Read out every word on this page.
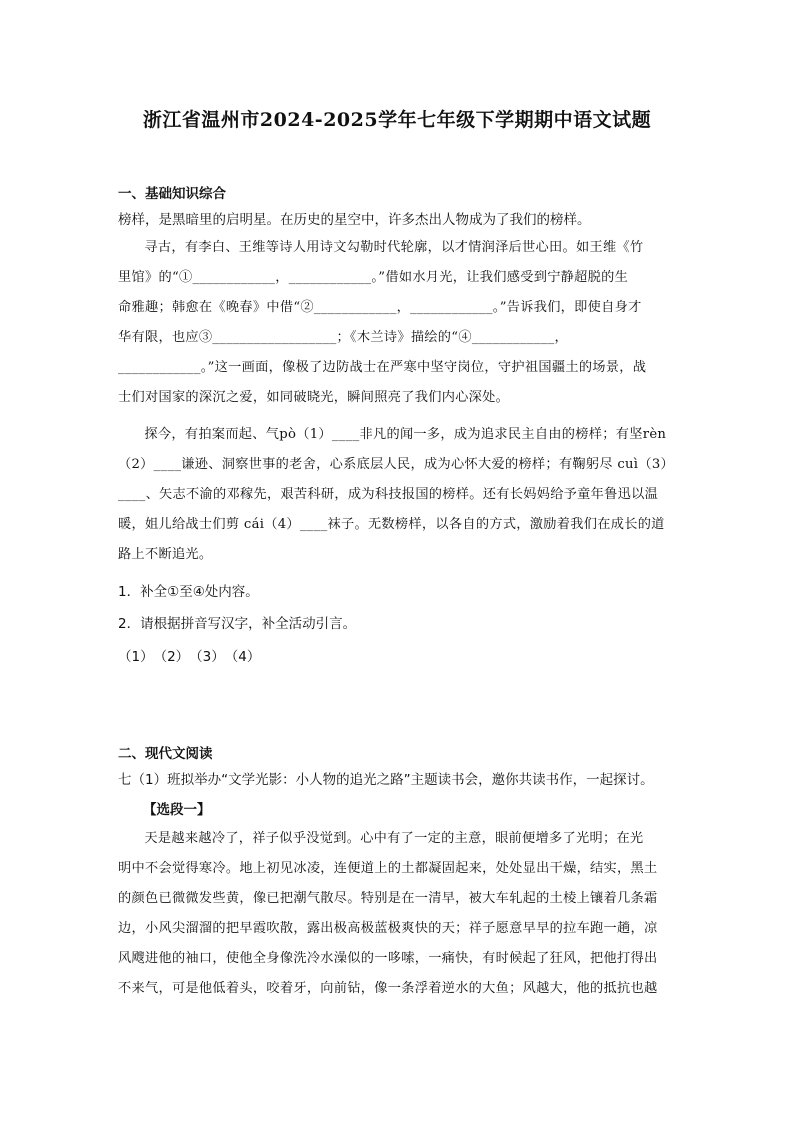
浙江省温州市2024-2025学年七年级下学期期中语文试题
一、基础知识综合
榜样，是黑暗里的启明星。在历史的星空中，许多杰出人物成为了我们的榜样。
寻古，有李白、王维等诗人用诗文勾勒时代轮廓，以才情润泽后世心田。如王维《竹
里馆》的“①____________，____________。”借如水月光，让我们感受到宁静超脱的生
命雅趣；韩愈在《晚春》中借“②____________，____________。”告诉我们，即使自身才
华有限，也应③__________________；《木兰诗》描绘的“④____________，
____________。”这一画面，像极了边防战士在严寒中坚守岗位，守护祖国疆土的场景，战
士们对国家的深沉之爱，如同破晓光，瞬间照亮了我们内心深处。
探今，有拍案而起、气pò（1）____非凡的闻一多，成为追求民主自由的榜样；有坚rèn
（2）____谦逊、洞察世事的老舍，心系底层人民，成为心怀大爱的榜样；有鞠躬尽 cuì（3）
____、矢志不渝的邓稼先，艰苦科研，成为科技报国的榜样。还有长妈妈给予童年鲁迅以温
暖，姐儿给战士们剪 cái（4）____袜子。无数榜样，以各自的方式，激励着我们在成长的道
路上不断追光。
1．补全①至④处内容。
2．请根据拼音写汉字，补全活动引言。
（1）　（2）　（3）　（4）
二、现代文阅读
七（1）班拟举办“文学光影：小人物的追光之路”主题读书会，邀你共读书作，一起探讨。
【选段一】
天是越来越冷了，祥子似乎没觉到。心中有了一定的主意，眼前便增多了光明；在光
明中不会觉得寒冷。地上初见冰凌，连便道上的土都凝固起来，处处显出干燥，结实，黑土
的颜色已微微发些黄，像已把潮气散尽。特别是在一清早，被大车轧起的土棱上镶着几条霜
边，小风尖溜溜的把早霞吹散，露出极高极蓝极爽快的天；祥子愿意早早的拉车跑一趟，凉
风飕进他的袖口，使他全身像洗冷水澡似的一哆嗦，一痛快，有时候起了狂风，把他打得出
不来气，可是他低着头，咬着牙，向前钻，像一条浮着逆水的大鱼；风越大，他的抵抗也越
